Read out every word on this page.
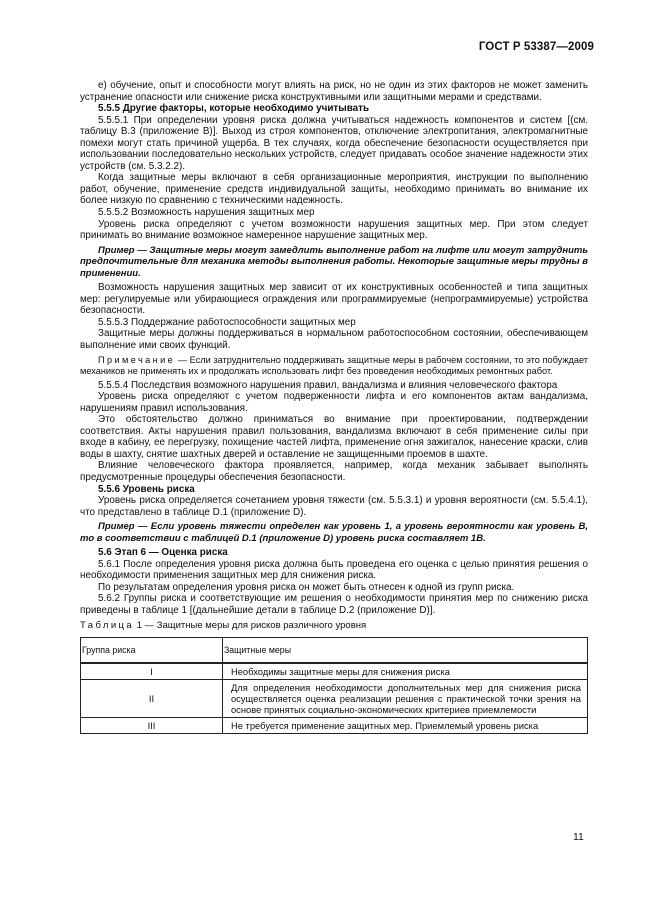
ГОСТ Р 53387—2009

е) обучение, опыт и способности могут влиять на риск, но не один из этих факторов не может заменить устранение опасности или снижение риска конструктивными или защитными мерами и средствами.

5.5.5 Другие факторы, которые необходимо учитывать

5.5.5.1 При определении уровня риска должна учитываться надежность компонентов и систем [(см. таблицу В.3 (приложение В)]. Выход из строя компонентов, отключение электропитания, электромагнитные помехи могут стать причиной ущерба. В тех случаях, когда обеспечение безопасности осуществляется при использовании последовательно нескольких устройств, следует придавать особое значение надежности этих устройств (см. 5.3.2.2).

Когда защитные меры включают в себя организационные мероприятия, инструкции по выполнению работ, обучение, применение средств индивидуальной защиты, необходимо принимать во внимание их более низкую по сравнению с техническими надежность.

5.5.5.2 Возможность нарушения защитных мер

Уровень риска определяют с учетом возможности нарушения защитных мер. При этом следует принимать во внимание возможное намеренное нарушение защитных мер.

Пример — Защитные меры могут замедлить выполнение работ на лифте или могут затруднить предпочтительные для механика методы выполнения работы. Некоторые защитные меры трудны в применении.

Возможность нарушения защитных мер зависит от их конструктивных особенностей и типа защитных мер: регулируемые или убирающиеся ограждения или программируемые (непрограммируемые) устройства безопасности.

5.5.5.3 Поддержание работоспособности защитных мер

Защитные меры должны поддерживаться в нормальном работоспособном состоянии, обеспечивающем выполнение ими своих функций.

Примечание — Если затруднительно поддерживать защитные меры в рабочем состоянии, то это побуждает механиков не применять их и продолжать использовать лифт без проведения необходимых ремонтных работ.

5.5.5.4 Последствия возможного нарушения правил, вандализма и влияния человеческого фактора

Уровень риска определяют с учетом подверженности лифта и его компонентов актам вандализма, нарушениям правил использования.

Это обстоятельство должно приниматься во внимание при проектировании, подтверждении соответствия. Акты нарушения правил пользования, вандализма включают в себя применение силы при входе в кабину, ее перегрузку, похищение частей лифта, применение огня зажигалок, нанесение краски, слив воды в шахту, снятие шахтных дверей и оставление не защищенными проемов в шахте.

Влияние человеческого фактора проявляется, например, когда механик забывает выполнять предусмотренные процедуры обеспечения безопасности.

5.5.6 Уровень риска

Уровень риска определяется сочетанием уровня тяжести (см. 5.5.3.1) и уровня вероятности (см. 5.5.4.1), что представлено в таблице D.1 (приложение D).

Пример — Если уровень тяжести определен как уровень 1, а уровень вероятности как уровень В, то в соответствии с таблицей D.1 (приложение D) уровень риска составляет 1В.

5.6 Этап 6 — Оценка риска

5.6.1 После определения уровня риска должна быть проведена его оценка с целью принятия решения о необходимости применения защитных мер для снижения риска.

По результатам определения уровня риска он может быть отнесен к одной из групп риска.

5.6.2 Группы риска и соответствующие им решения о необходимости принятия мер по снижению риска приведены в таблице 1 [(дальнейшие детали в таблице D.2 (приложение D)].

Таблица 1 — Защитные меры для рисков различного уровня

Группа риска	Защитные меры
I	Необходимы защитные меры для снижения риска
II	Для определения необходимости дополнительных мер для снижения риска осуществляется оценка реализации решения с практической точки зрения на основе принятых социально-экономических критериев приемлемости
III	Не требуется применение защитных мер. Приемлемый уровень риска
11
